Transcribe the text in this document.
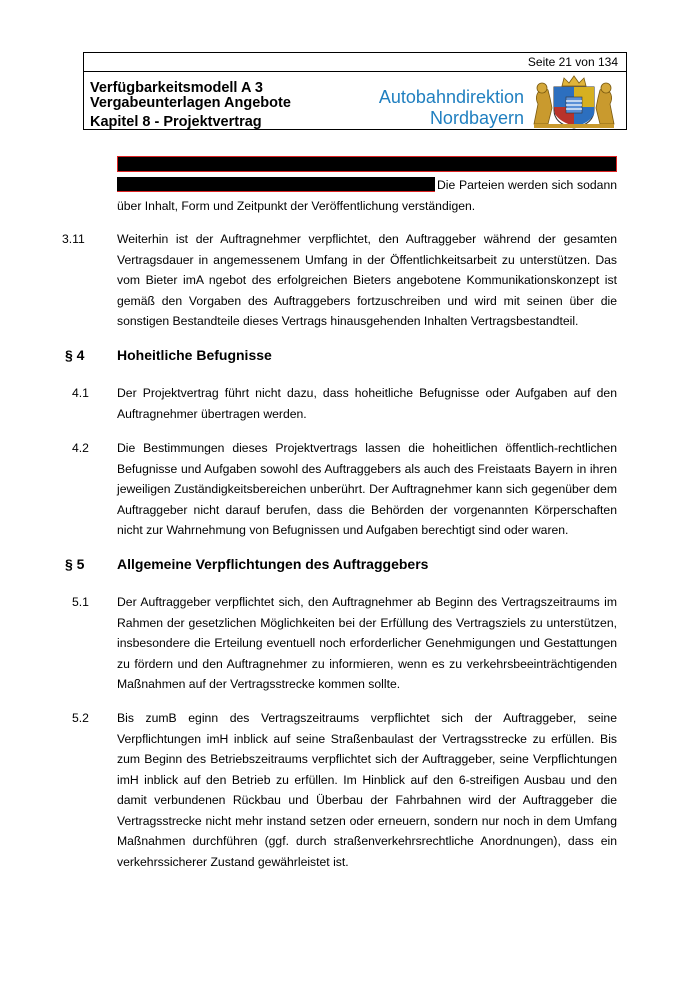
Seite 21 von 134
Verfügbarkeitsmodell A 3
Vergabeunterlagen Angebote
Kapitel 8 - Projektvertrag
Autobahndirektion
Nordbayern
Die Parteien werden sich sodann
über Inhalt, Form und Zeitpunkt der Veröffentlichung verständigen.
3.11	Weiterhin ist der Auftragnehmer verpflichtet, den Auftraggeber während der gesamten Vertragsdauer in angemessenem Umfang in der Öffentlichkeitsarbeit zu unterstützen. Das vom Bieter imA ngebot des erfolgreichen Bieters angebotene Kommunikationskonzept ist gemäß den Vorgaben des Auftraggebers fortzuschreiben und wird mit seinen über die sonstigen Bestandteile dieses Vertrags hinausgehenden Inhalten Vertragsbestandteil.
§ 4 Hoheitliche Befugnisse
4.1 Der Projektvertrag führt nicht dazu, dass hoheitliche Befugnisse oder Aufgaben auf den Auftragnehmer übertragen werden.
4.2 Die Bestimmungen dieses Projektvertrags lassen die hoheitlichen öffentlich-rechtlichen Befugnisse und Aufgaben sowohl des Auftraggebers als auch des Freistaats Bayern in ihren jeweiligen Zuständigkeitsbereichen unberührt. Der Auftragnehmer kann sich gegenüber dem Auftraggeber nicht darauf berufen, dass die Behörden der vorgenannten Körperschaften nicht zur Wahrnehmung von Befugnissen und Aufgaben berechtigt sind oder waren.
§ 5 Allgemeine Verpflichtungen des Auftraggebers
5.1 Der Auftraggeber verpflichtet sich, den Auftragnehmer ab Beginn des Vertragszeitraums im Rahmen der gesetzlichen Möglichkeiten bei der Erfüllung des Vertragsziels zu unterstützen, insbesondere die Erteilung eventuell noch erforderlicher Genehmigungen und Gestattungen zu fördern und den Auftragnehmer zu informieren, wenn es zu verkehrsbeeinträchtigenden Maßnahmen auf der Vertragsstrecke kommen sollte.
5.2 Bis zumB eginn des Vertragszeitraums verpflichtet sich der Auftraggeber, seine Verpflichtungen imH inblick auf seine Straßenbaulast der Vertragsstrecke zu erfüllen. Bis zum Beginn des Betriebszeitraums verpflichtet sich der Auftraggeber, seine Verpflichtungen imH inblick auf den Betrieb zu erfüllen. Im Hinblick auf den 6-streifigen Ausbau und den damit verbundenen Rückbau und Überbau der Fahrbahnen wird der Auftraggeber die Vertragsstrecke nicht mehr instand setzen oder erneuern, sondern nur noch in dem Umfang Maßnahmen durchführen (ggf. durch straßenverkehrsrechtliche Anordnungen), dass ein verkehrssicherer Zustand gewährleistet ist.
